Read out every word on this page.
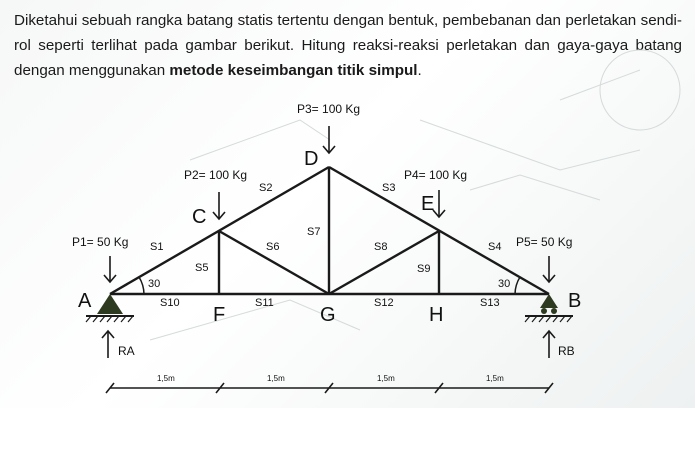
Diketahui sebuah rangka batang statis tertentu dengan bentuk, pembebanan dan perletakan sendi-rol seperti terlihat pada gambar berikut. Hitung reaksi-reaksi perletakan dan gaya-gaya batang dengan menggunakan metode keseimbangan titik simpul.
A	B
C
D
E
F	G	H
P1= 50 Kg
P2= 100 Kg
P3= 100 Kg
P4= 100 Kg
P5= 50 Kg
S1
S2	S3
S4
S5
S6
S7
S8
S9
S10	S11	S12	S13
30	30
RA	RB
1,5m	1,5m	1,5m	1,5m
